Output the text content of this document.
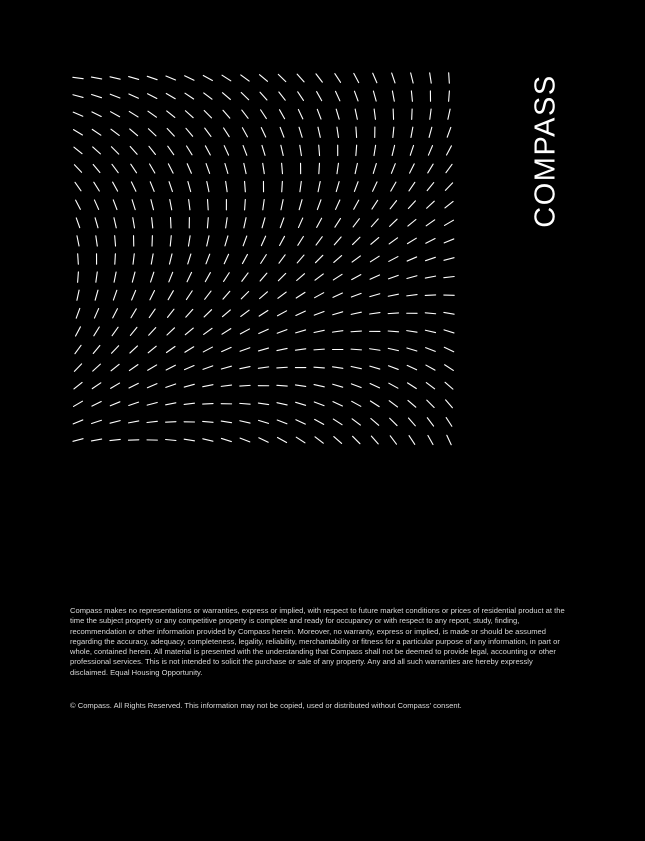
COMPASS

Compass makes no representations or warranties, express or implied, with respect to future market conditions or prices of residential product at the time the subject property or any competitive property is complete and ready for occupancy or with respect to any report, study, finding, recommendation or other information provided by Compass herein. Moreover, no warranty, express or implied, is made or should be assumed regarding the accuracy, adequacy, completeness, legality, reliability, merchantability or fitness for a particular purpose of any information, in part or whole, contained herein. All material is presented with the understanding that Compass shall not be deemed to provide legal, accounting or other professional services. This is not intended to solicit the purchase or sale of any property. Any and all such warranties are hereby expressly disclaimed. Equal Housing Opportunity.

© Compass. All Rights Reserved. This information may not be copied, used or distributed without Compass’ consent.
